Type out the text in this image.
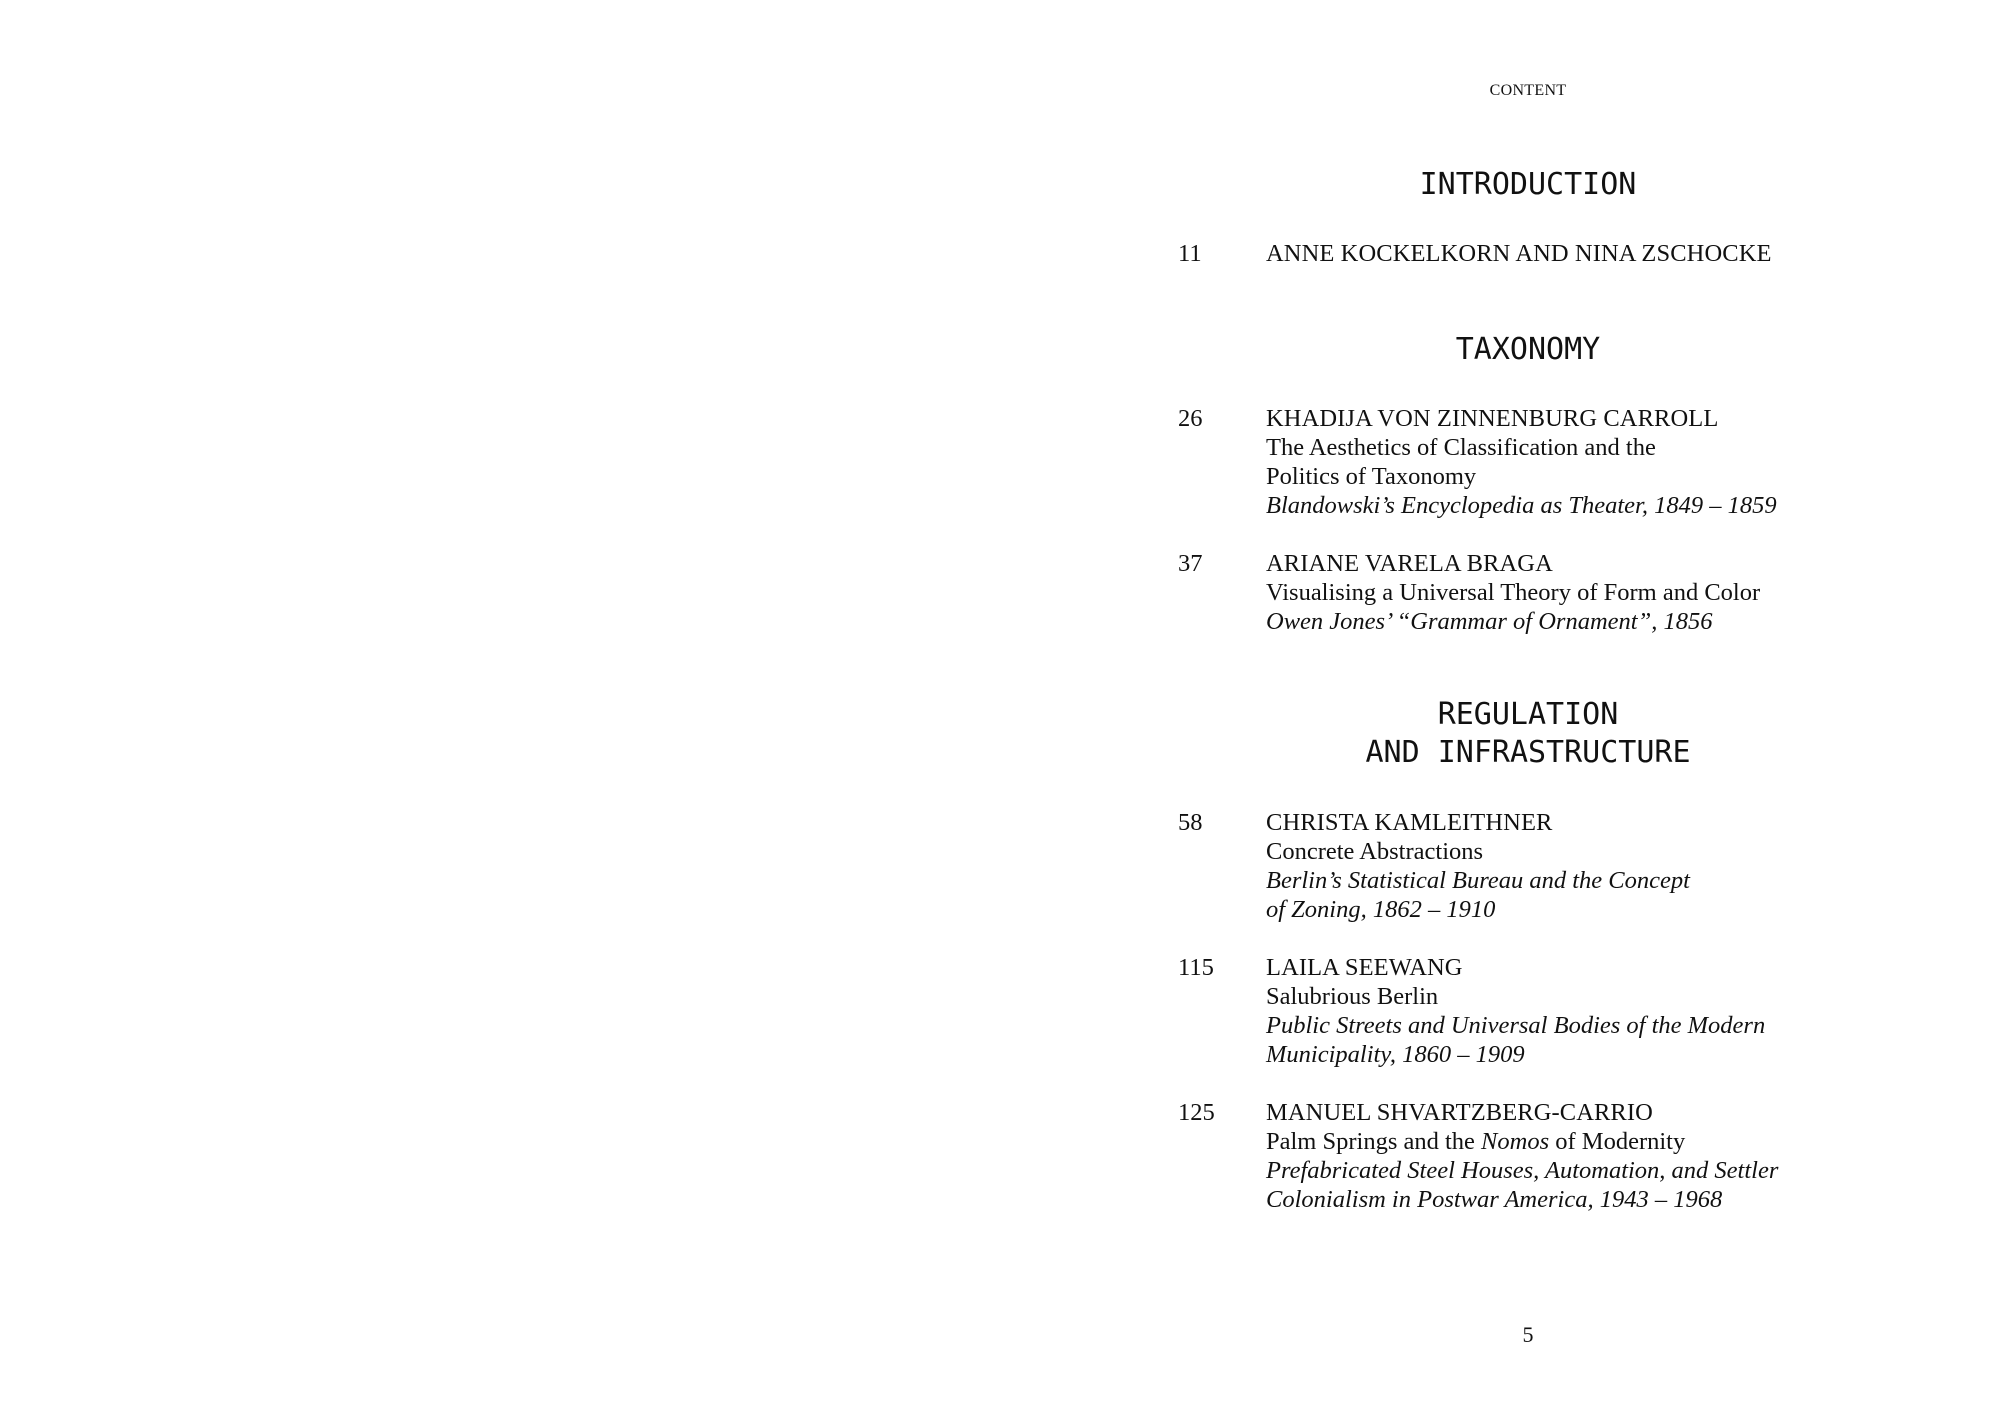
CONTENT
INTRODUCTION
11	ANNE KOCKELKORN AND NINA ZSCHOCKE
TAXONOMY
26	KHADIJA VON ZINNENBURG CARROLL
The Aesthetics of Classification and the
Politics of Taxonomy
Blandowski’s Encyclopedia as Theater, 1849 – 1859
37	ARIANE VARELA BRAGA
Visualising a Universal Theory of Form and Color
Owen Jones’ “Grammar of Ornament”, 1856
REGULATION
AND INFRASTRUCTURE
58	CHRISTA KAMLEITHNER
Concrete Abstractions
Berlin’s Statistical Bureau and the Concept
of Zoning, 1862 – 1910
115 LAILA SEEWANG
Salubrious Berlin
Public Streets and Universal Bodies of the Modern
Municipality, 1860 – 1909
125 MANUEL SHVARTZBERG-CARRIO
Palm Springs and the Nomos of Modernity
Prefabricated Steel Houses, Automation, and Settler
Colonialism in Postwar America, 1943 – 1968
5
